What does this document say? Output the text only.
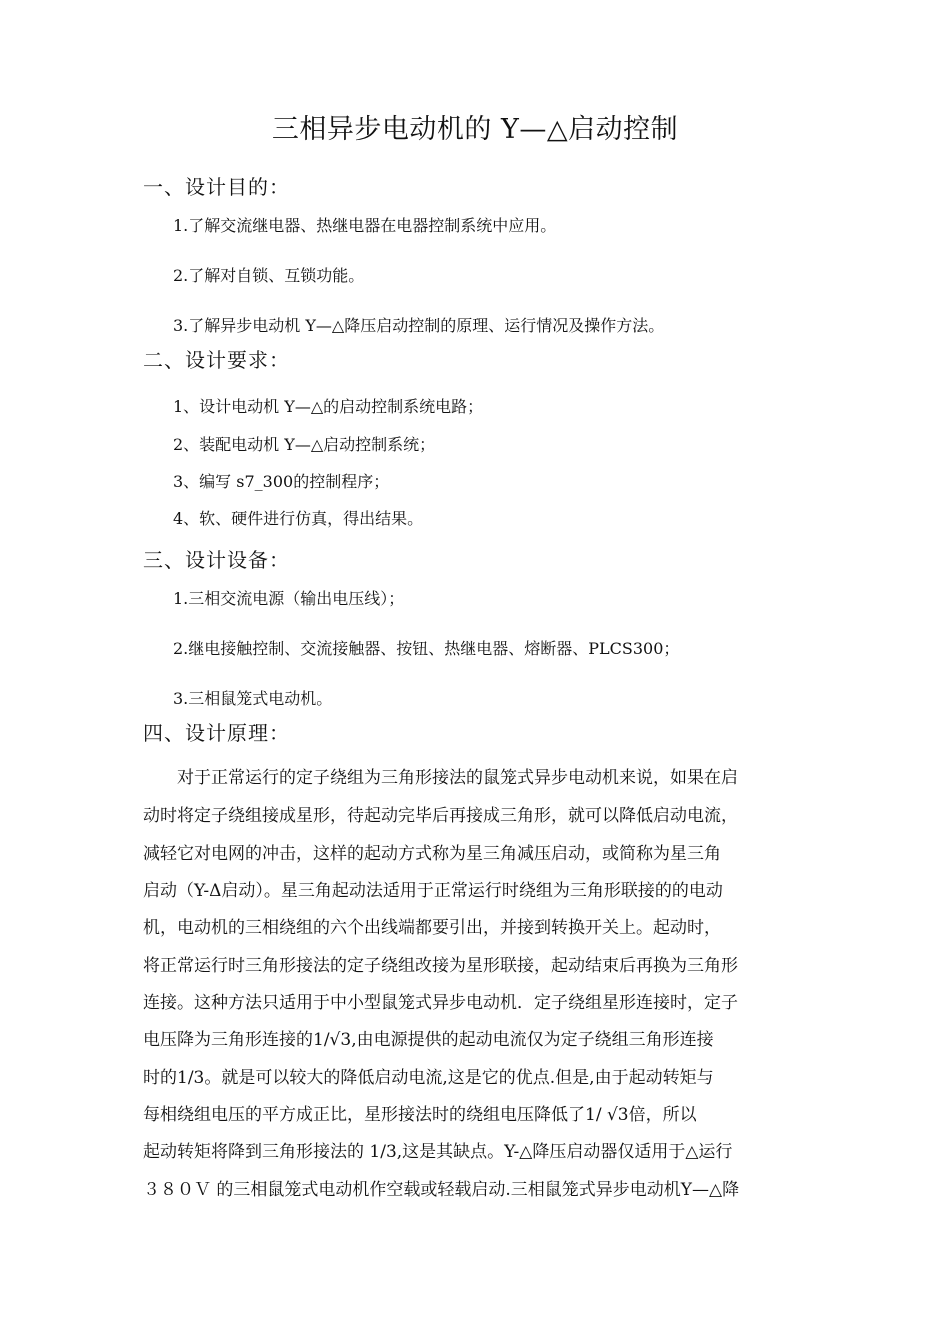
三相异步电动机的 Y—△启动控制
一、设计目的：
1.了解交流继电器、热继电器在电器控制系统中应用。
2.了解对自锁、互锁功能。
3.了解异步电动机 Y—△降压启动控制的原理、运行情况及操作方法。
二、设计要求：
1、设计电动机 Y—△的启动控制系统电路；
2、装配电动机 Y—△启动控制系统；
3、编写 s7_300的控制程序；
4、软、硬件进行仿真，得出结果。
三、设计设备：
1.三相交流电源（输出电压线）；
2.继电接触控制、交流接触器、按钮、热继电器、熔断器、PLCS300；
3.三相鼠笼式电动机。
四、设计原理：
对于正常运行的定子绕组为三角形接法的鼠笼式异步电动机来说，如果在启
动时将定子绕组接成星形，待起动完毕后再接成三角形，就可以降低启动电流，
减轻它对电网的冲击，这样的起动方式称为星三角减压启动，或简称为星三角
启动（Y-Δ启动）。星三角起动法适用于正常运行时绕组为三角形联接的的电动
机，电动机的三相绕组的六个出线端都要引出，并接到转换开关上。起动时，
将正常运行时三角形接法的定子绕组改接为星形联接，起动结束后再换为三角形
连接。这种方法只适用于中小型鼠笼式异步电动机．定子绕组星形连接时，定子
电压降为三角形连接的1/√3,由电源提供的起动电流仅为定子绕组三角形连接
时的1/3。就是可以较大的降低启动电流,这是它的优点.但是,由于起动转矩与
每相绕组电压的平方成正比，星形接法时的绕组电压降低了1/ √3倍，所以
起动转矩将降到三角形接法的 1/3,这是其缺点。Y-△降压启动器仅适用于△运行
３８０Ｖ 的三相鼠笼式电动机作空载或轻载启动.三相鼠笼式异步电动机Y—△降
